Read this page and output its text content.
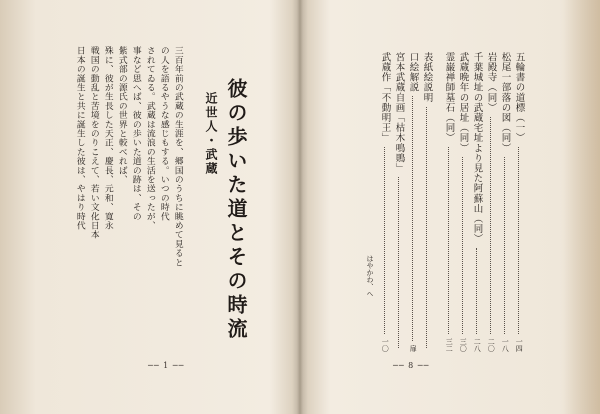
彼の歩いた道とその時流
近世人・武蔵
三百年前の武蔵の生涯を、郷国のうちに眺めて見ると
の人を語るやうな感じもする。いつの時代
されてゐる。武蔵は流浪の生活を送ったが、
事など思へば、彼の歩いた道の跡は、その
紫式部の源氏の世界と較べれば、
殊に、彼が生長した天正、慶長、元和、寛永
戦国の動乱と苦境をのりこえて、若い文化日本
日本の誕生と共に誕生した彼は、やはり時代
── 1 ──
五輪書の道標（一）
一四
松尾一部落の図（同）
一八
岩殿寺（同）
二〇
千葉城址の武蔵宅址より見た阿蘇山（同）
二八
武蔵晩年の居址（同）
三〇
霊巌禅師墓石（同）
三二
表紙絵説明
口絵解説
扉
宮本武蔵自画「枯木鳴鵙」
武蔵作「不動明王」
一〇
はやかわ、へ
── 8 ──
